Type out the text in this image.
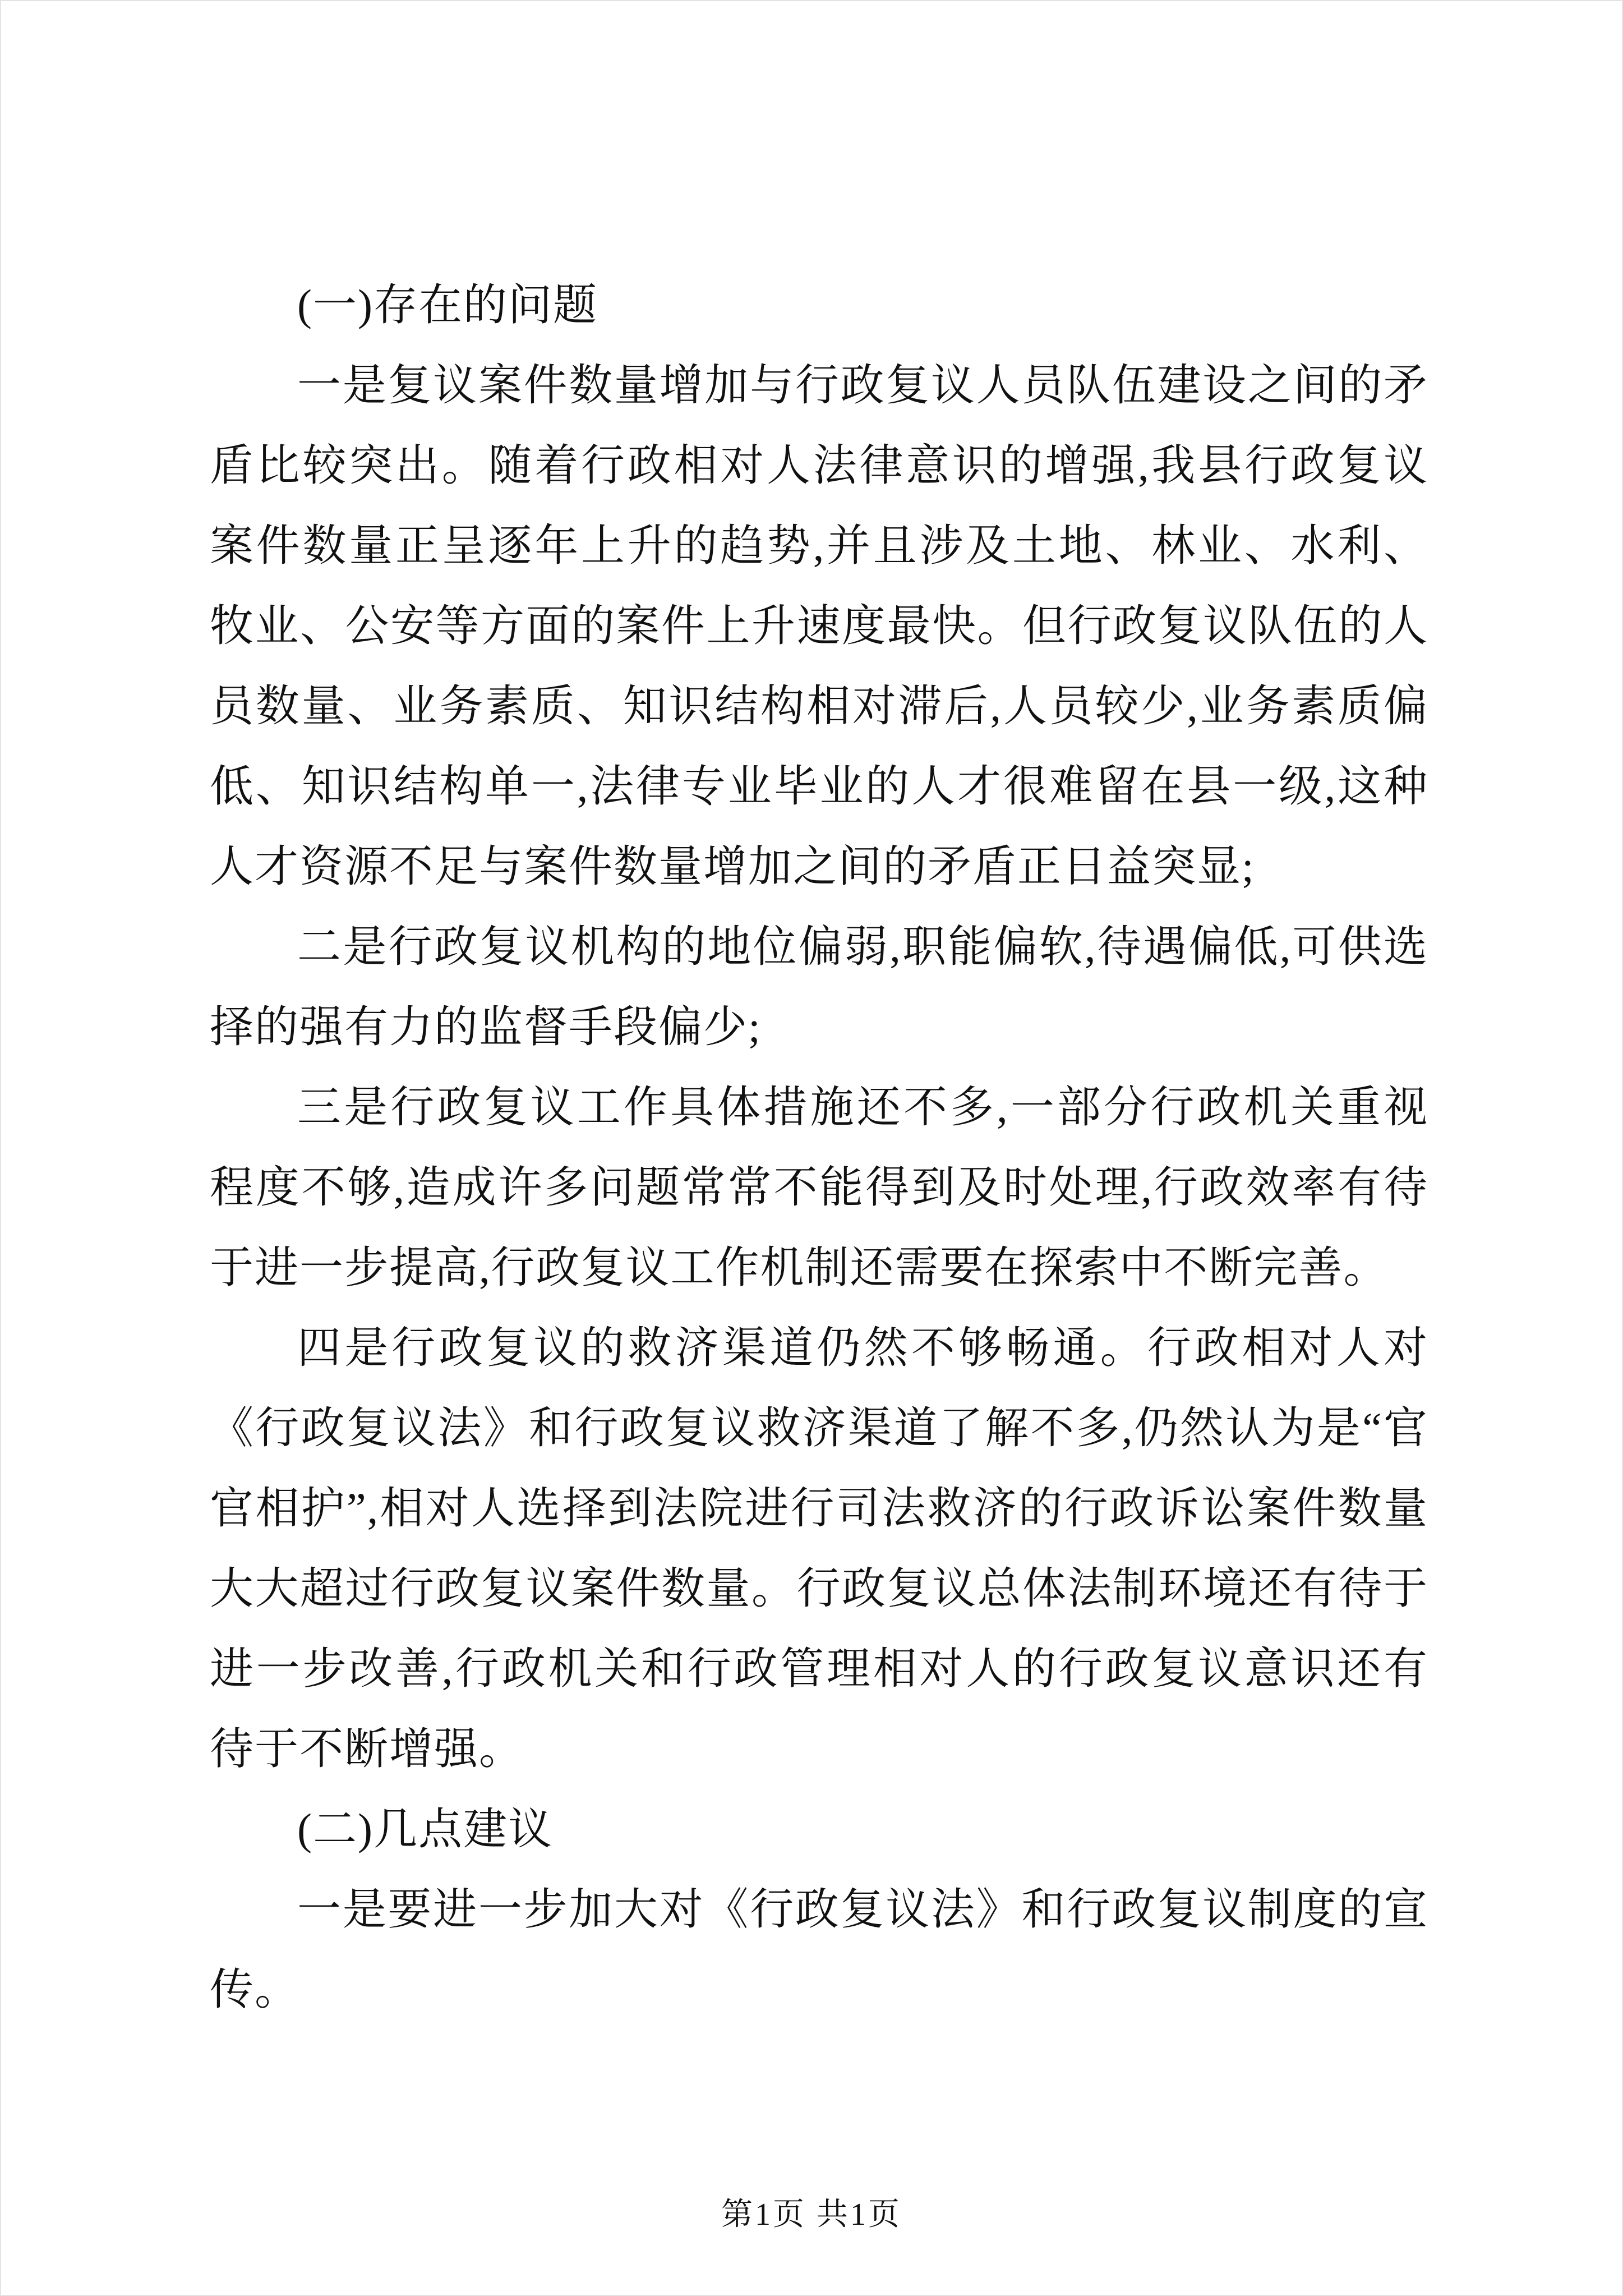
(一)存在的问题

一是复议案件数量增加与行政复议人员队伍建设之间的矛盾比较突出。随着行政相对人法律意识的增强,我县行政复议案件数量正呈逐年上升的趋势,并且涉及土地、林业、水利、牧业、公安等方面的案件上升速度最快。但行政复议队伍的人员数量、业务素质、知识结构相对滞后,人员较少,业务素质偏低、知识结构单一,法律专业毕业的人才很难留在县一级,这种人才资源不足与案件数量增加之间的矛盾正日益突显;

二是行政复议机构的地位偏弱,职能偏软,待遇偏低,可供选择的强有力的监督手段偏少;

三是行政复议工作具体措施还不多,一部分行政机关重视程度不够,造成许多问题常常不能得到及时处理,行政效率有待于进一步提高,行政复议工作机制还需要在探索中不断完善。

四是行政复议的救济渠道仍然不够畅通。行政相对人对《行政复议法》和行政复议救济渠道了解不多,仍然认为是“官官相护”,相对人选择到法院进行司法救济的行政诉讼案件数量大大超过行政复议案件数量。行政复议总体法制环境还有待于进一步改善,行政机关和行政管理相对人的行政复议意识还有待于不断增强。

(二)几点建议

一是要进一步加大对《行政复议法》和行政复议制度的宣传。

第1页 共1页
